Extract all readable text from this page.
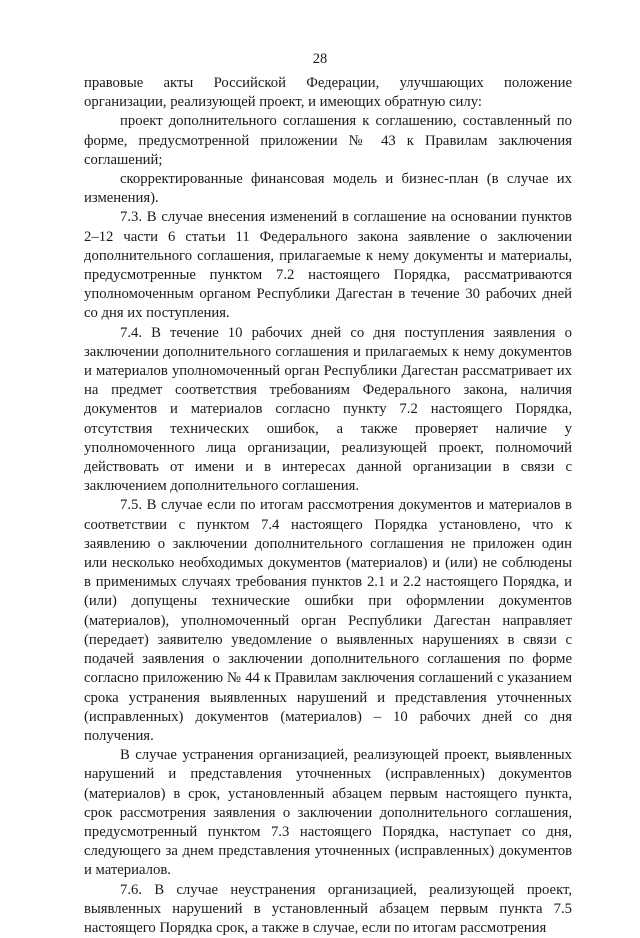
28

правовые акты Российской Федерации, улучшающих положение организации, реализующей проект, и имеющих обратную силу:

проект дополнительного соглашения к соглашению, составленный по форме, предусмотренной приложении № 43 к Правилам заключения соглашений;

скорректированные финансовая модель и бизнес-план (в случае их изменения).

7.3. В случае внесения изменений в соглашение на основании пунктов 2–12 части 6 статьи 11 Федерального закона заявление о заключении дополнительного соглашения, прилагаемые к нему документы и материалы, предусмотренные пунктом 7.2 настоящего Порядка, рассматриваются уполномоченным органом Республики Дагестан в течение 30 рабочих дней со дня их поступления.

7.4. В течение 10 рабочих дней со дня поступления заявления о заключении дополнительного соглашения и прилагаемых к нему документов и материалов уполномоченный орган Республики Дагестан рассматривает их на предмет соответствия требованиям Федерального закона, наличия документов и материалов согласно пункту 7.2 настоящего Порядка, отсутствия технических ошибок, а также проверяет наличие у уполномоченного лица организации, реализующей проект, полномочий действовать от имени и в интересах данной организации в связи с заключением дополнительного соглашения.

7.5. В случае если по итогам рассмотрения документов и материалов в соответствии с пунктом 7.4 настоящего Порядка установлено, что к заявлению о заключении дополнительного соглашения не приложен один или несколько необходимых документов (материалов) и (или) не соблюдены в применимых случаях требования пунктов 2.1 и 2.2 настоящего Порядка, и (или) допущены технические ошибки при оформлении документов (материалов), уполномоченный орган Республики Дагестан направляет (передает) заявителю уведомление о выявленных нарушениях в связи с подачей заявления о заключении дополнительного соглашения по форме согласно приложению № 44 к Правилам заключения соглашений с указанием срока устранения выявленных нарушений и представления уточненных (исправленных) документов (материалов) – 10 рабочих дней со дня получения.

В случае устранения организацией, реализующей проект, выявленных нарушений и представления уточненных (исправленных) документов (материалов) в срок, установленный абзацем первым настоящего пункта, срок рассмотрения заявления о заключении дополнительного соглашения, предусмотренный пунктом 7.3 настоящего Порядка, наступает со дня, следующего за днем представления уточненных (исправленных) документов и материалов.

7.6. В случае неустранения организацией, реализующей проект, выявленных нарушений в установленный абзацем первым пункта 7.5 настоящего Порядка срок, а также в случае, если по итогам рассмотрения
